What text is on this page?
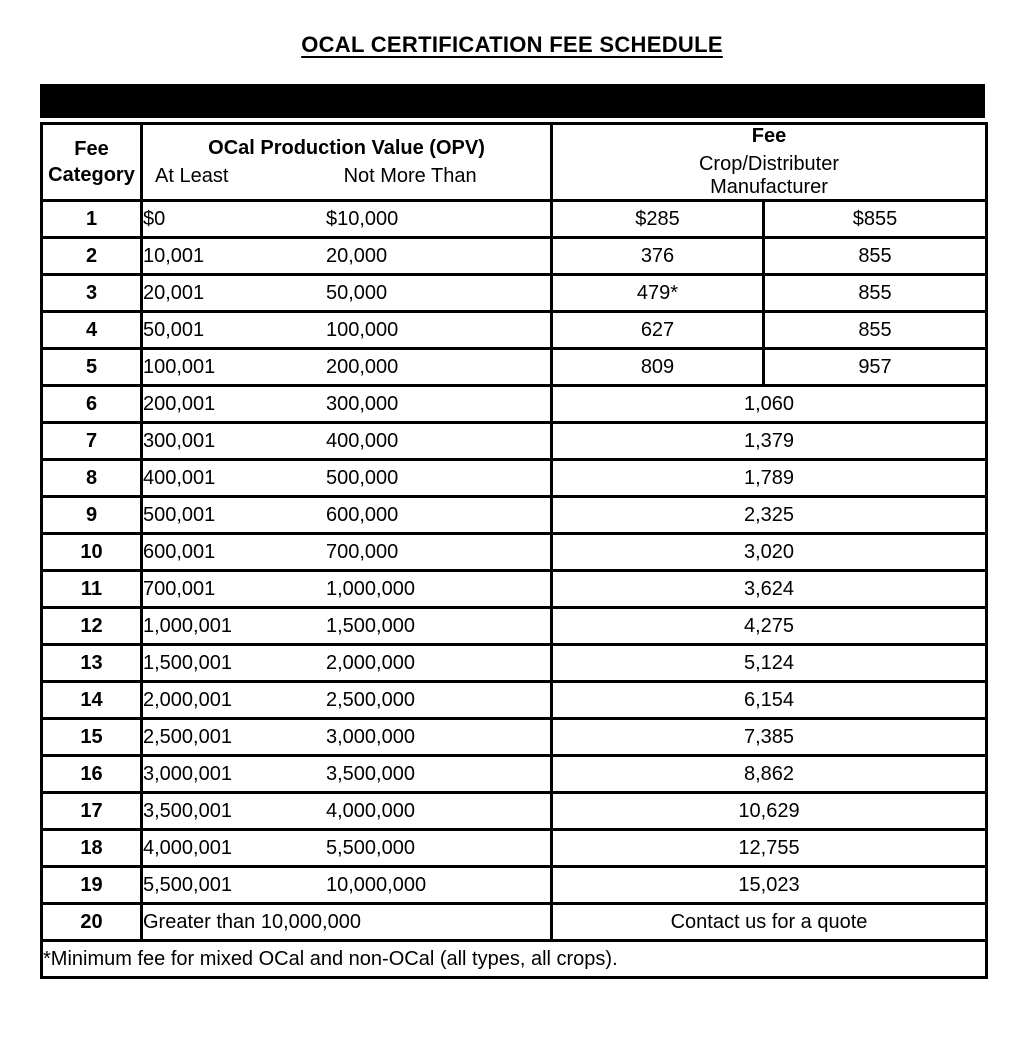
OCAL CERTIFICATION FEE SCHEDULE
Fee
Category

OCal Production Value (OPV)
At Least	Not More Than

Fee
Crop/Distributer Manufacturer

1	$0 $10,000	$285	$855
2	10,001 20,000	376	855
3	20,001 50,000	479*	855
4	50,001 100,000	627	855
5	100,001 200,000	809	957
6	200,001 300,000	1,060	
7	300,001 400,000	1,379	
8	400,001 500,000	1,789	
9	500,001 600,000	2,325	
10	600,001 700,000	3,020	
11	700,001 1,000,000	3,624	
12	1,000,001 1,500,000	4,275	
13	1,500,001 2,000,000	5,124	
14	2,000,001 2,500,000	6,154	
15	2,500,001 3,000,000	7,385	
16	3,000,001 3,500,000	8,862	
17	3,500,001 4,000,000	10,629	
18	4,000,001 5,500,000	12,755	
19	5,500,001 10,000,000	15,023	
20	Greater than 10,000,000	Contact us for a quote	
*Minimum fee for mixed OCal and non-OCal (all types, all crops).			
